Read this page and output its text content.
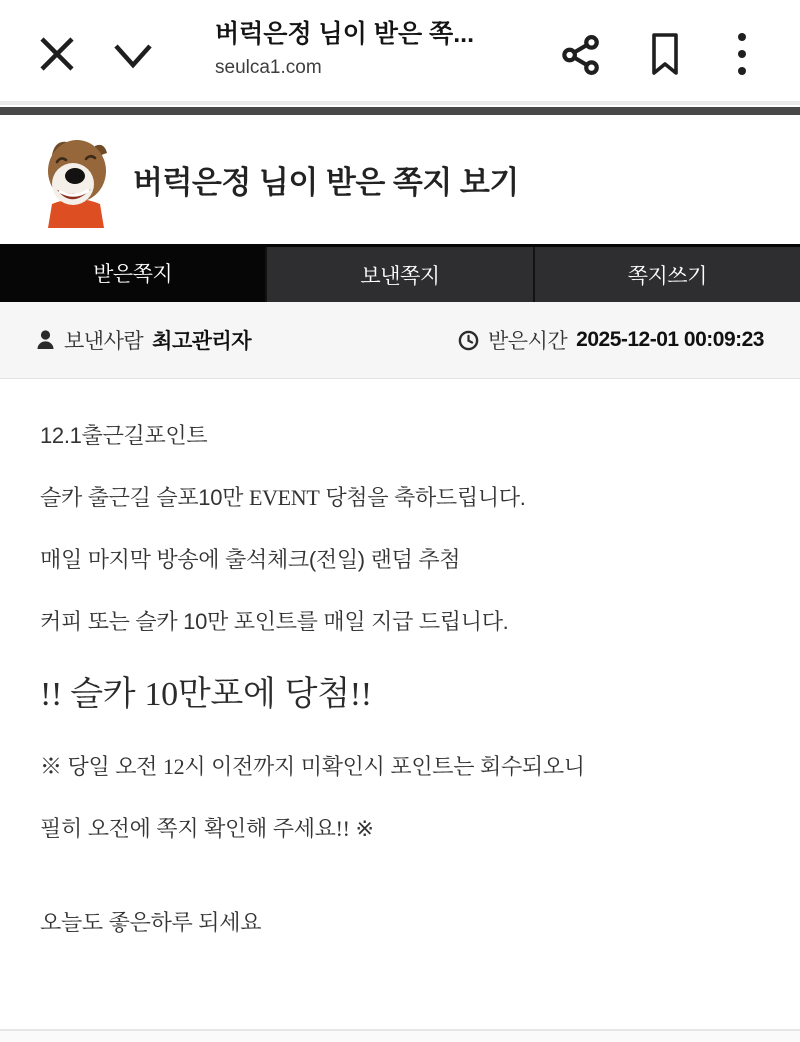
버럭은정 님이 받은 쪽...
seulca1.com
버럭은정 님이 받은 쪽지 보기
받은쪽지	보낸쪽지	쪽지쓰기
보낸사람 최고관리자	받은시간 2025-12-01 00:09:23

12.1출근길포인트

슬카 출근길 슬포10만 EVENT 당첨을 축하드립니다.

매일 마지막 방송에 출석체크(전일) 랜덤 추첨

커피 또는 슬카 10만 포인트를 매일 지급 드립니다.

!! 슬카 10만포에 당첨!!

※ 당일 오전 12시 이전까지 미확인시 포인트는 회수되오니

필히 오전에 쪽지 확인해 주세요!! ※

오늘도 좋은하루 되세요
